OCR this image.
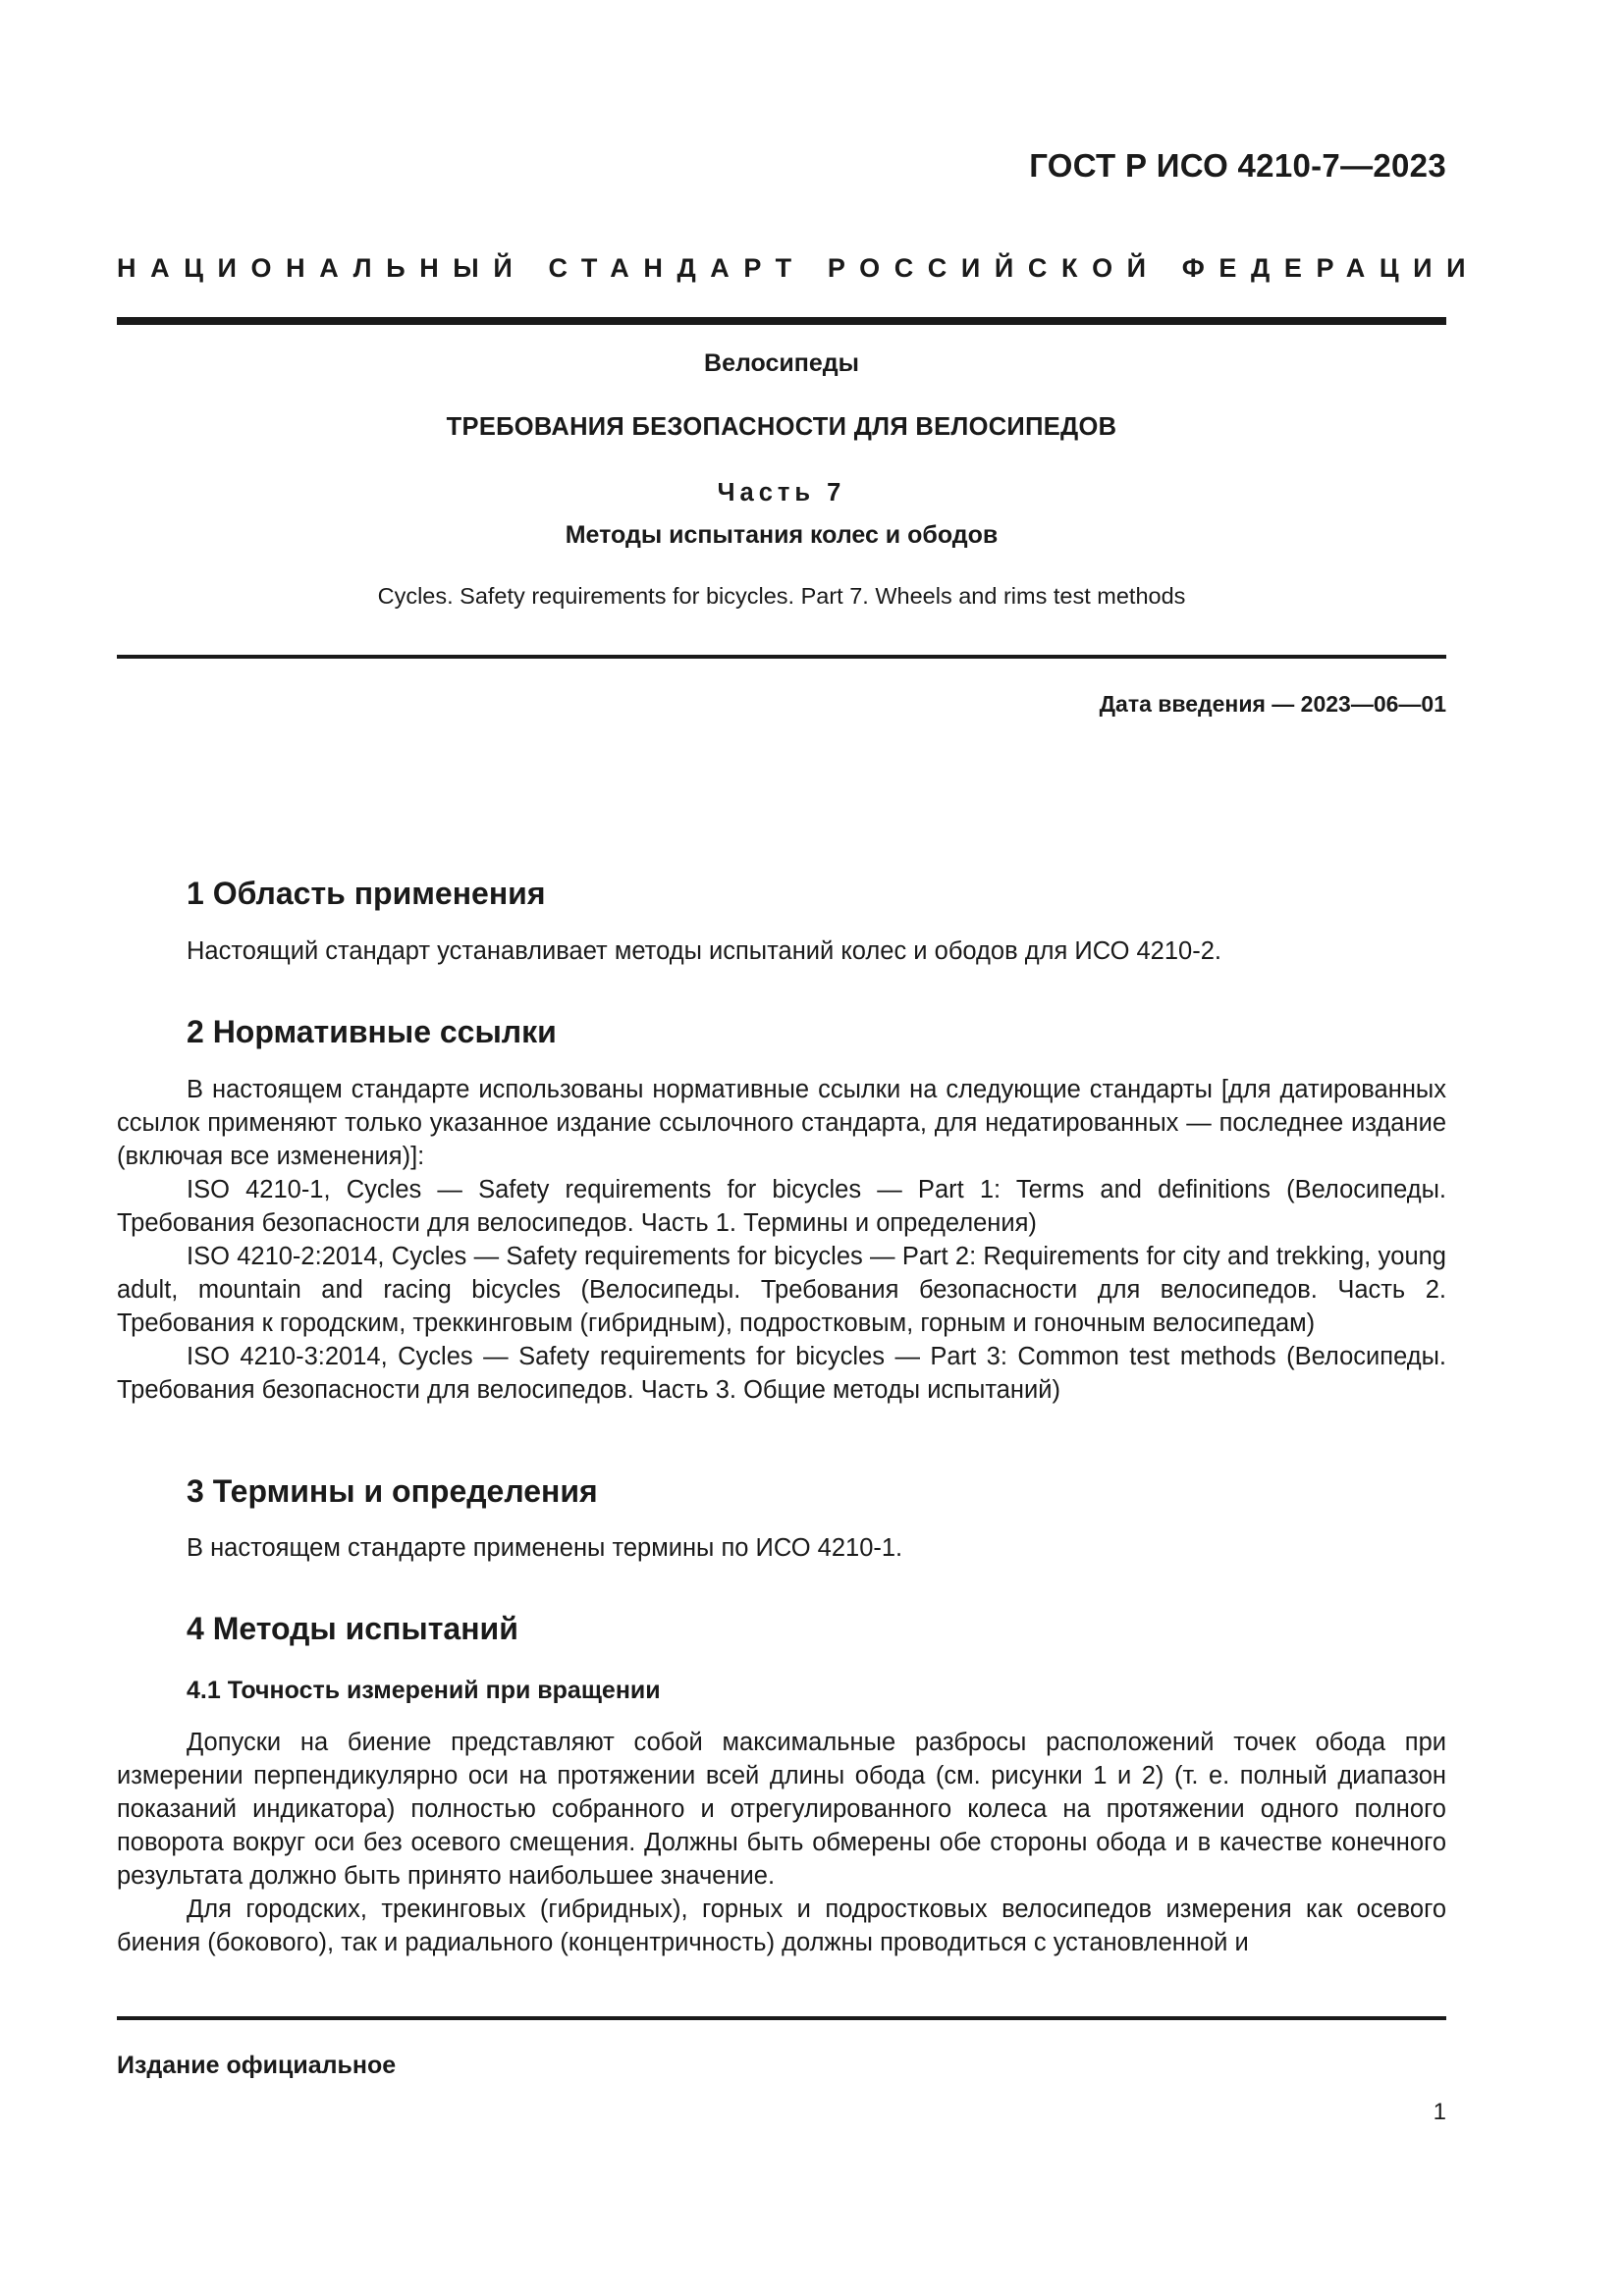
ГОСТ Р ИСО 4210-7—2023
НАЦИОНАЛЬНЫЙ СТАНДАРТ РОССИЙСКОЙ ФЕДЕРАЦИИ
Велосипеды
ТРЕБОВАНИЯ БЕЗОПАСНОСТИ ДЛЯ ВЕЛОСИПЕДОВ
Часть 7
Методы испытания колес и ободов
Cycles. Safety requirements for bicycles. Part 7. Wheels and rims test methods
Дата введения — 2023—06—01
1 Область применения
Настоящий стандарт устанавливает методы испытаний колес и ободов для ИСО 4210-2.
2 Нормативные ссылки

В настоящем стандарте использованы нормативные ссылки на следующие стандарты [для датированных ссылок применяют только указанное издание ссылочного стандарта, для недатированных — последнее издание (включая все изменения)]:

ISO 4210-1, Cycles — Safety requirements for bicycles — Part 1: Terms and definitions (Велосипеды. Требования безопасности для велосипедов. Часть 1. Термины и определения)

ISO 4210-2:2014, Cycles — Safety requirements for bicycles — Part 2: Requirements for city and trekking, young adult, mountain and racing bicycles (Велосипеды. Требования безопасности для велосипедов. Часть 2. Требования к городским, треккинговым (гибридным), подростковым, горным и гоночным велосипедам)

ISO 4210-3:2014, Cycles — Safety requirements for bicycles — Part 3: Common test methods (Велосипеды. Требования безопасности для велосипедов. Часть 3. Общие методы испытаний)

3 Термины и определения
В настоящем стандарте применены термины по ИСО 4210-1.
4 Методы испытаний
4.1 Точность измерений при вращении

Допуски на биение представляют собой максимальные разбросы расположений точек обода при измерении перпендикулярно оси на протяжении всей длины обода (см. рисунки 1 и 2) (т. е. полный диапазон показаний индикатора) полностью собранного и отрегулированного колеса на протяжении одного полного поворота вокруг оси без осевого смещения. Должны быть обмерены обе стороны обода и в качестве конечного результата должно быть принято наибольшее значение.

Для городских, трекинговых (гибридных), горных и подростковых велосипедов измерения как осевого биения (бокового), так и радиального (концентричность) должны проводиться с установленной и

Издание официальное
1
